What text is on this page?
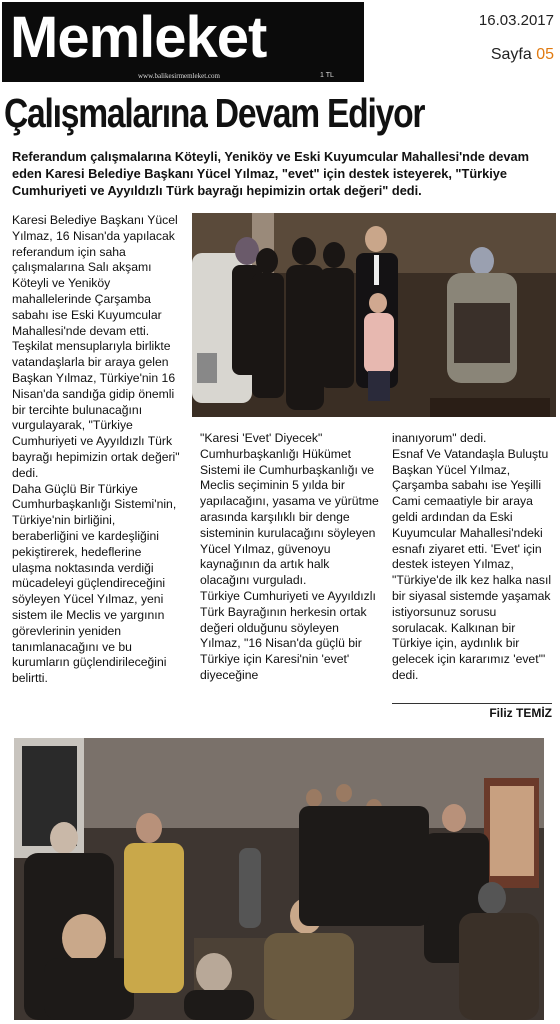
Memleket
www.balikesirmemleket.com	1 TL
16.03.2017
Sayfa 05
Çalışmalarına Devam Ediyor
Referandum çalışmalarına Köteyli, Yeniköy ve Eski Kuyumcular Mahallesi'nde devam eden Karesi Belediye Başkanı Yücel Yılmaz, "evet" için destek isteyerek, "Türkiye Cumhuriyeti ve Ayyıldızlı Türk bayrağı hepimizin ortak değeri" dedi.

Karesi Belediye Başkanı Yücel Yılmaz, 16 Nisan'da yapılacak referandum için saha çalışmalarına Salı akşamı Köteyli ve Yeniköy mahallelerinde Çarşamba sabahı ise Eski Kuyumcular Mahallesi'nde devam etti. Teşkilat mensuplarıyla birlikte vatandaşlarla bir araya gelen Başkan Yılmaz, Türkiye'nin 16 Nisan'da sandığa gidip önemli bir tercihte bulunacağını vurgulayarak, "Türkiye Cumhuriyeti ve Ayyıldızlı Türk bayrağı hepimizin ortak değeri" dedi.

Daha Güçlü Bir Türkiye Cumhurbaşkanlığı Sistemi'nin, Türkiye'nin birliğini, beraberliğini ve kardeşliğini pekiştirerek, hedeflerine ulaşma noktasında verdiği mücadeleyi güçlendireceğini söyleyen Yücel Yılmaz, yeni sistem ile Meclis ve yargının görevlerinin yeniden tanımlanacağını ve bu kurumların güçlendirileceğini belirtti.

"Karesi 'Evet' Diyecek" Cumhurbaşkanlığı Hükümet Sistemi ile Cumhurbaşkanlığı ve Meclis seçiminin 5 yılda bir yapılacağını, yasama ve yürütme arasında karşılıklı bir denge sisteminin kurulacağını söyleyen Yücel Yılmaz, güvenoyu kaynağının da artık halk olacağını vurguladı.

Türkiye Cumhuriyeti ve Ayyıldızlı Türk Bayrağının herkesin ortak değeri olduğunu söyleyen Yılmaz, "16 Nisan'da güçlü bir Türkiye için Karesi'nin 'evet' diyeceğine

inanıyorum" dedi.

Esnaf Ve Vatandaşla Buluştu

Başkan Yücel Yılmaz, Çarşamba sabahı ise Yeşilli Cami cemaatiyle bir araya geldi ardından da Eski Kuyumcular Mahallesi'ndeki esnafı ziyaret etti. 'Evet' için destek isteyen Yılmaz, "Türkiye'de ilk kez halka nasıl bir siyasal sistemde yaşamak istiyorsunuz sorusu sorulacak. Kalkınan bir Türkiye için, aydınlık bir gelecek için kararımız 'evet'" dedi.

Filiz TEMİZ
